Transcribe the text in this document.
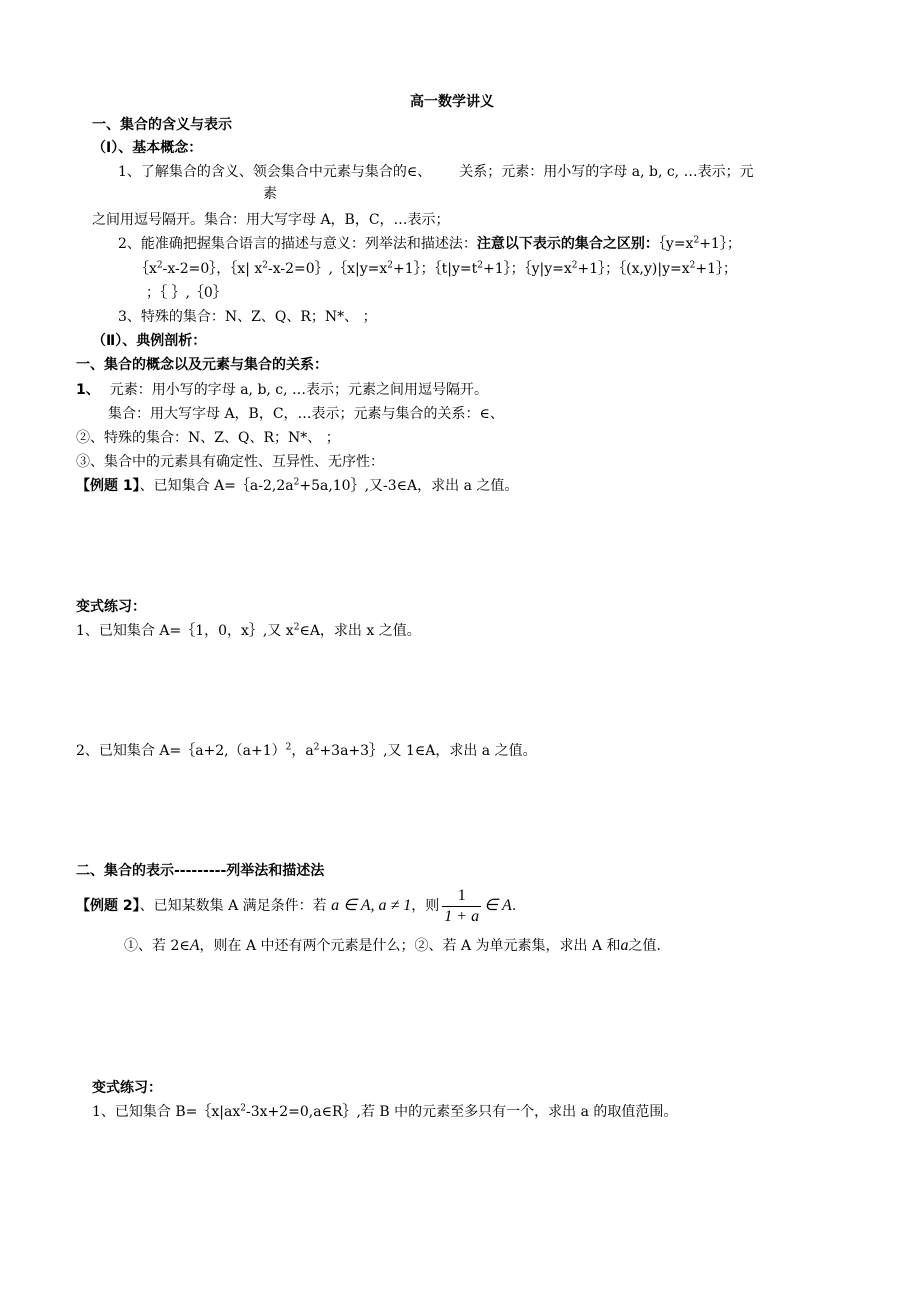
高一数学讲义
一、集合的含义与表示
（Ⅰ）、基本概念：
1、了解集合的含义、领会集合中元素与集合的∈、 关系；元素：用小写的字母 a, b, c, …表示；元
素
之间用逗号隔开。集合：用大写字母 A，B，C，…表示；
2、能准确把握集合语言的描述与意义：列举法和描述法：注意以下表示的集合之区别：$\{y=x^2+1\}$；
$\{x^2-x-2=0\}$，｛x| $x^2-x-2=0\},\{x|y=x^2+1\}$；$\{t|y=t^2+1\}$；$\{y|y=x^2+1\}$；$\{(x,y)|y=x^2+1\}$；
；｛ ｝,｛0｝
3、特殊的集合：N、Z、Q、R；N*、 ；
（Ⅱ）、典例剖析：
一、集合的概念以及元素与集合的关系：
1、 元素：用小写的字母 a, b, c, …表示；元素之间用逗号隔开。
集合：用大写字母 A，B，C，…表示；元素与集合的关系：∈、
②、特殊的集合：N、Z、Q、R；N*、 ；
③、集合中的元素具有确定性、互异性、无序性：
【例题 1】、已知集合 $A=\{a-2,2a^2+5a,10\}$,又-3∈A，求出 a 之值。
变式练习：
1、已知集合 A=｛1，0，x｝,又 $x^2\in A$，求出 x 之值。
2、已知集合 $A=\{a+2,(a+1)^2$，$a^2+3a+3\}$,又 1∈A，求出 a 之值。
二、集合的表示---------列举法和描述法
【例题 2】、已知某数集 A 满足条件：若 a ∈ A, a ≠ 1，则 $\frac{1}{1 + a}$ ∈ A.
①、若 2∈A，则在 A 中还有两个元素是什么；②、若 A 为单元素集，求出 A 和a之值.
变式练习：
1、已知集合 $B=\{x|ax^2-3x+2=0,a\in R\}$,若 B 中的元素至多只有一个，求出 a 的取值范围。
